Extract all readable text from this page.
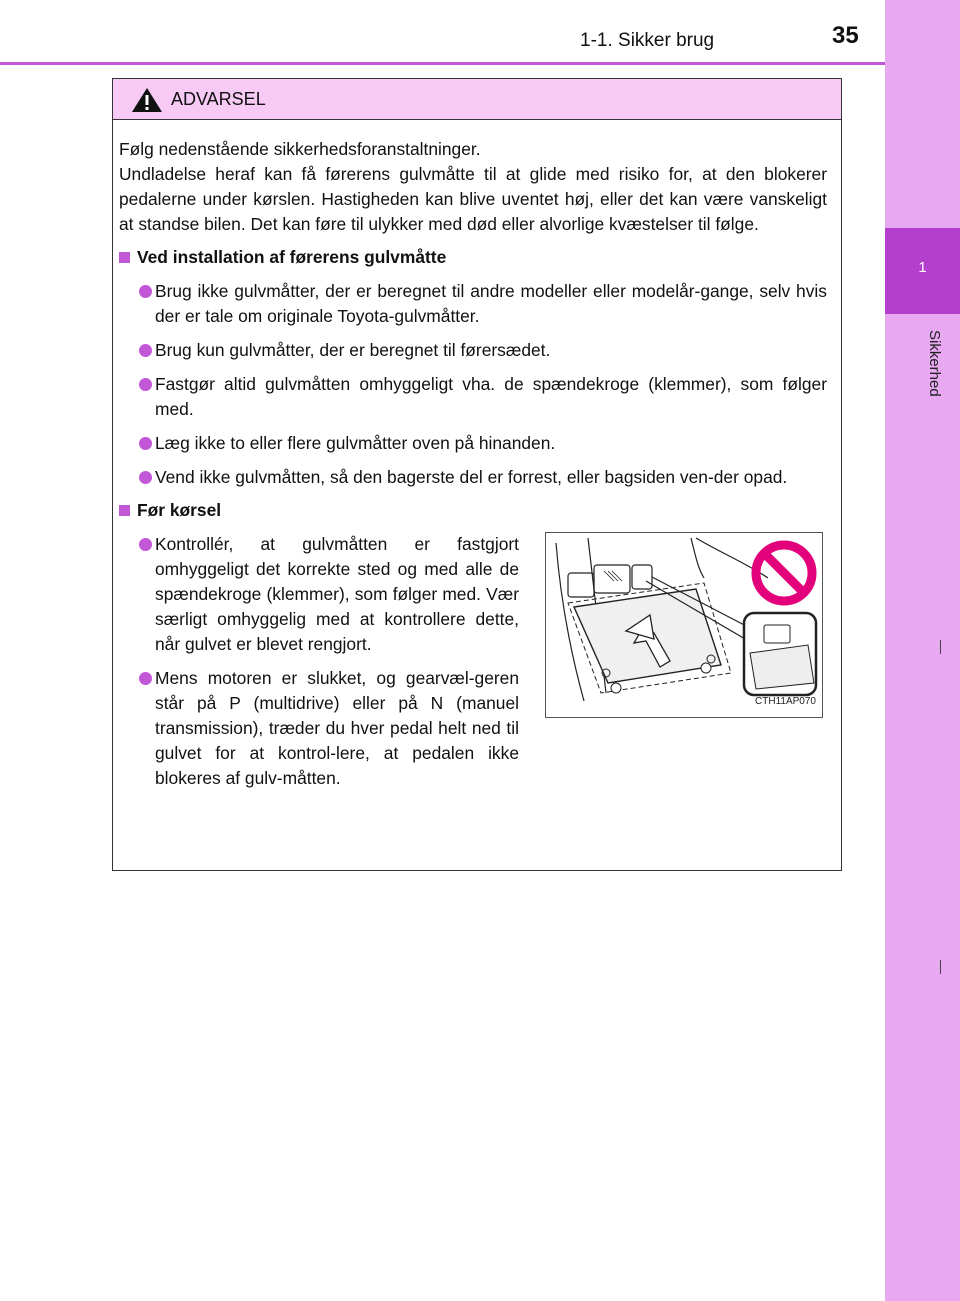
1-1. Sikker brug	35
1
Sikkerhed
ADVARSEL

Følg nedenstående sikkerhedsforanstaltninger.

Undladelse heraf kan få førerens gulvmåtte til at glide med risiko for, at den blokerer pedalerne under kørslen. Hastigheden kan blive uventet høj, eller det kan være vanskeligt at standse bilen. Det kan føre til ulykker med død eller alvorlige kvæstelser til følge.

Ved installation af førerens gulvmåtte
Brug ikke gulvmåtter, der er beregnet til andre modeller eller modelår-gange, selv hvis der er tale om originale Toyota-gulvmåtter.
Brug kun gulvmåtter, der er beregnet til førersædet.
Fastgør altid gulvmåtten omhyggeligt vha. de spændekroge (klemmer), som følger med.
Læg ikke to eller flere gulvmåtter oven på hinanden.
Vend ikke gulvmåtten, så den bagerste del er forrest, eller bagsiden ven-der opad.
Før kørsel
Kontrollér, at gulvmåtten er fastgjort omhyggeligt det korrekte sted og med alle de spændekroge (klemmer), som følger med. Vær særligt omhyggelig med at kontrollere dette, når gulvet er blevet rengjort.
Mens motoren er slukket, og gearvæl-geren står på P (multidrive) eller på N (manuel transmission), træder du hver pedal helt ned til gulvet for at kontrol-lere, at pedalen ikke blokeres af gulv-måtten.
CTH11AP070
